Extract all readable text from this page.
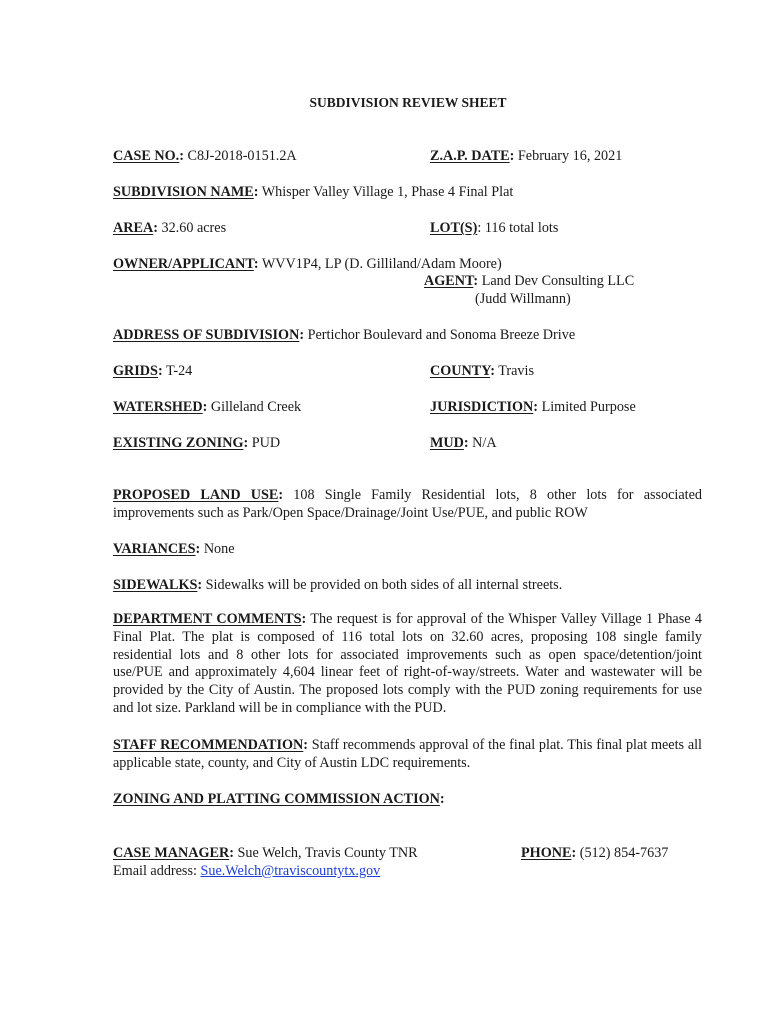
SUBDIVISION REVIEW SHEET
CASE NO.: C8J-2018-0151.2A	Z.A.P. DATE: February 16, 2021
SUBDIVISION NAME: Whisper Valley Village 1, Phase 4 Final Plat
AREA: 32.60 acres	LOT(S): 116 total lots
OWNER/APPLICANT: WVV1P4, LP (D. Gilliland/Adam Moore)
AGENT: Land Dev Consulting LLC
(Judd Willmann)
ADDRESS OF SUBDIVISION: Pertichor Boulevard and Sonoma Breeze Drive
GRIDS: T-24	COUNTY: Travis
WATERSHED: Gilleland Creek	JURISDICTION: Limited Purpose
EXISTING ZONING: PUD	MUD: N/A
PROPOSED LAND USE: 108 Single Family Residential lots, 8 other lots for associated improvements such as Park/Open Space/Drainage/Joint Use/PUE, and public ROW
VARIANCES: None
SIDEWALKS: Sidewalks will be provided on both sides of all internal streets.
DEPARTMENT COMMENTS: The request is for approval of the Whisper Valley Village 1 Phase 4 Final Plat. The plat is composed of 116 total lots on 32.60 acres, proposing 108 single family residential lots and 8 other lots for associated improvements such as open space/detention/joint use/PUE and approximately 4,604 linear feet of right-of-way/streets. Water and wastewater will be provided by the City of Austin. The proposed lots comply with the PUD zoning requirements for use and lot size. Parkland will be in compliance with the PUD.
STAFF RECOMMENDATION: Staff recommends approval of the final plat. This final plat meets all applicable state, county, and City of Austin LDC requirements.
ZONING AND PLATTING COMMISSION ACTION:
CASE MANAGER: Sue Welch, Travis County TNR	PHONE: (512) 854-7637
Email address: Sue.Welch@traviscountytx.gov
